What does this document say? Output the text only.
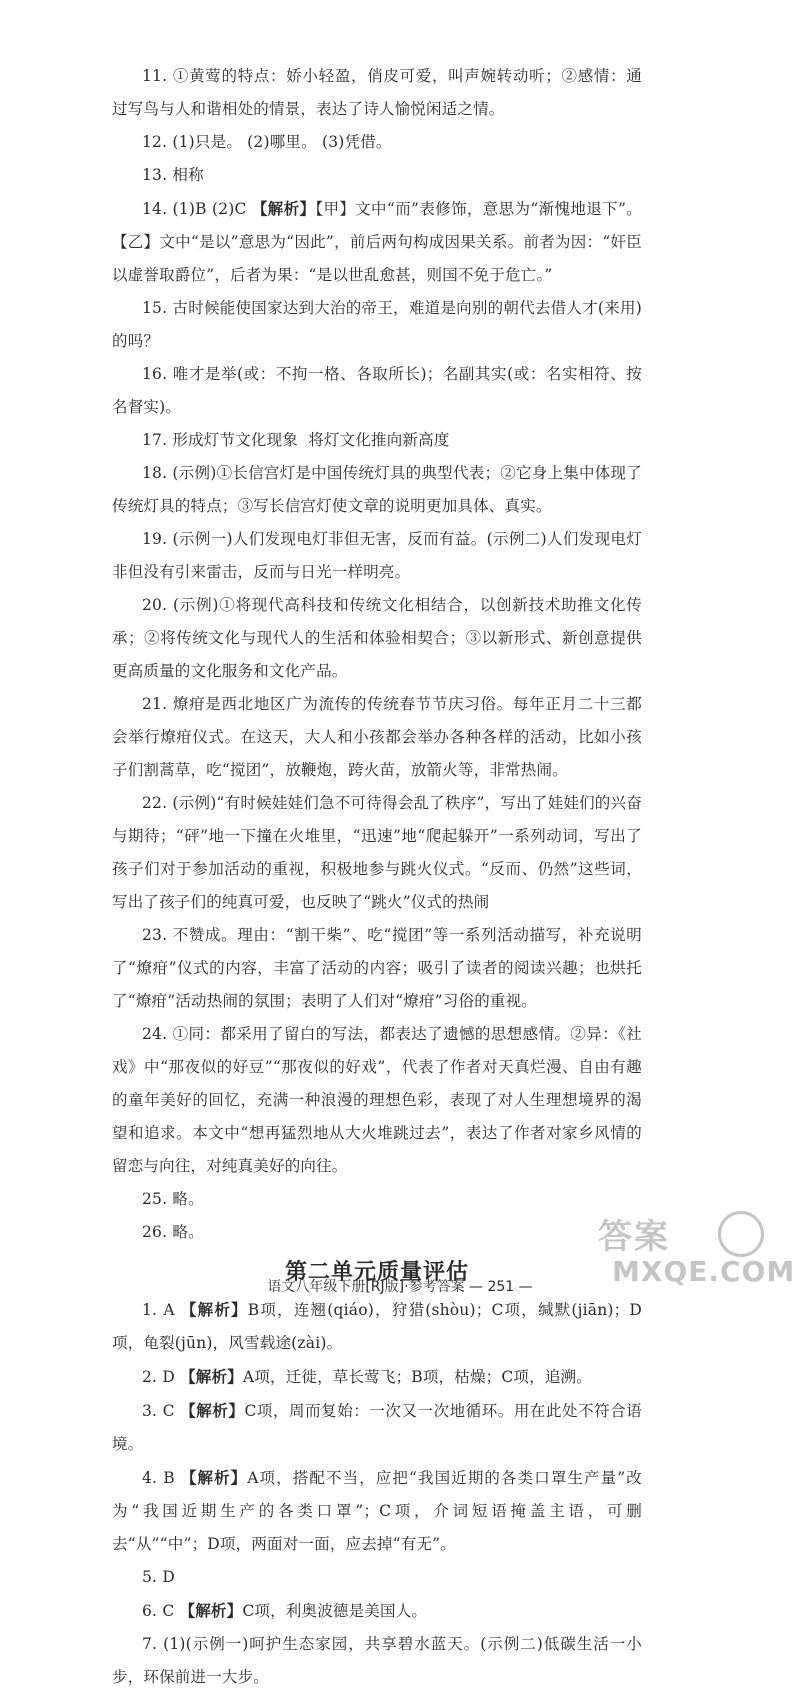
11. ①黄莺的特点：娇小轻盈，俏皮可爱，叫声婉转动听；②感情：通过写鸟与人和谐相处的情景，表达了诗人愉悦闲适之情。

12. (1)只是。 (2)哪里。 (3)凭借。

13. 相称

14. (1)B (2)C 【解析】【甲】文中“而”表修饰，意思为“渐愧地退下”。【乙】文中“是以”意思为“因此”，前后两句构成因果关系。前者为因：“奸臣以虚誉取爵位”，后者为果：“是以世乱愈甚，则国不免于危亡。”

15. 古时候能使国家达到大治的帝王，难道是向别的朝代去借人才(来用)的吗？

16. 唯才是举(或：不拘一格、各取所长)；名副其实(或：名实相符、按名督实)。

17. 形成灯节文化现象  将灯文化推向新高度

18. (示例)①长信宫灯是中国传统灯具的典型代表；②它身上集中体现了传统灯具的特点；③写长信宫灯使文章的说明更加具体、真实。

19. (示例一)人们发现电灯非但无害，反而有益。(示例二)人们发现电灯非但没有引来雷击，反而与日光一样明亮。

20. (示例)①将现代高科技和传统文化相结合，以创新技术助推文化传承；②将传统文化与现代人的生活和体验相契合；③以新形式、新创意提供更高质量的文化服务和文化产品。

21. 燎疳是西北地区广为流传的传统春节节庆习俗。每年正月二十三都会举行燎疳仪式。在这天，大人和小孩都会举办各种各样的活动，比如小孩子们割蒿草，吃“搅团”，放鞭炮，跨火苗，放箭火等，非常热闹。

22. (示例)“有时候娃娃们急不可待得会乱了秩序”，写出了娃娃们的兴奋与期待；“砰”地一下撞在火堆里，“迅速”地“爬起躲开”一系列动词，写出了孩子们对于参加活动的重视，积极地参与跳火仪式。“反而、仍然”这些词，写出了孩子们的纯真可爱，也反映了“跳火”仪式的热闹

23. 不赞成。理由：“割干柴”、吃“搅团”等一系列活动描写，补充说明了“燎疳”仪式的内容，丰富了活动的内容；吸引了读者的阅读兴趣；也烘托了“燎疳”活动热闹的氛围；表明了人们对“燎疳”习俗的重视。

24. ①同：都采用了留白的写法，都表达了遗憾的思想感情。②异：《社戏》中“那夜似的好豆”“那夜似的好戏”，代表了作者对天真烂漫、自由有趣的童年美好的回忆，充满一种浪漫的理想色彩，表现了对人生理想境界的渴望和追求。本文中“想再猛烈地从大火堆跳过去”，表达了作者对家乡风情的留恋与向往，对纯真美好的向往。

25. 略。

26. 略。

第二单元质量评估

1. A 【解析】B项，连翘(qiáo)，狩猎(shòu)；C项，缄默(jiān)；D项，龟裂(jūn)，风雪载途(zài)。

2. D 【解析】A项，迁徙，草长莺飞；B项，枯燥；C项，追溯。

3. C 【解析】C项，周而复始：一次又一次地循环。用在此处不符合语境。

4. B 【解析】A项，搭配不当，应把“我国近期的各类口罩生产量”改为“我国近期生产的各类口罩”；C项，介词短语掩盖主语，可删去“从”“中”；D项，两面对一面，应去掉“有无”。

5. D

6. C 【解析】C项，利奥波德是美国人。

7. (1)(示例一)呵护生态家园，共享碧水蓝天。(示例二)低碳生活一小步，环保前进一大步。

语文八年级下册[RJ版]·参考答案 — 251 —
答案
MXQE.COM
